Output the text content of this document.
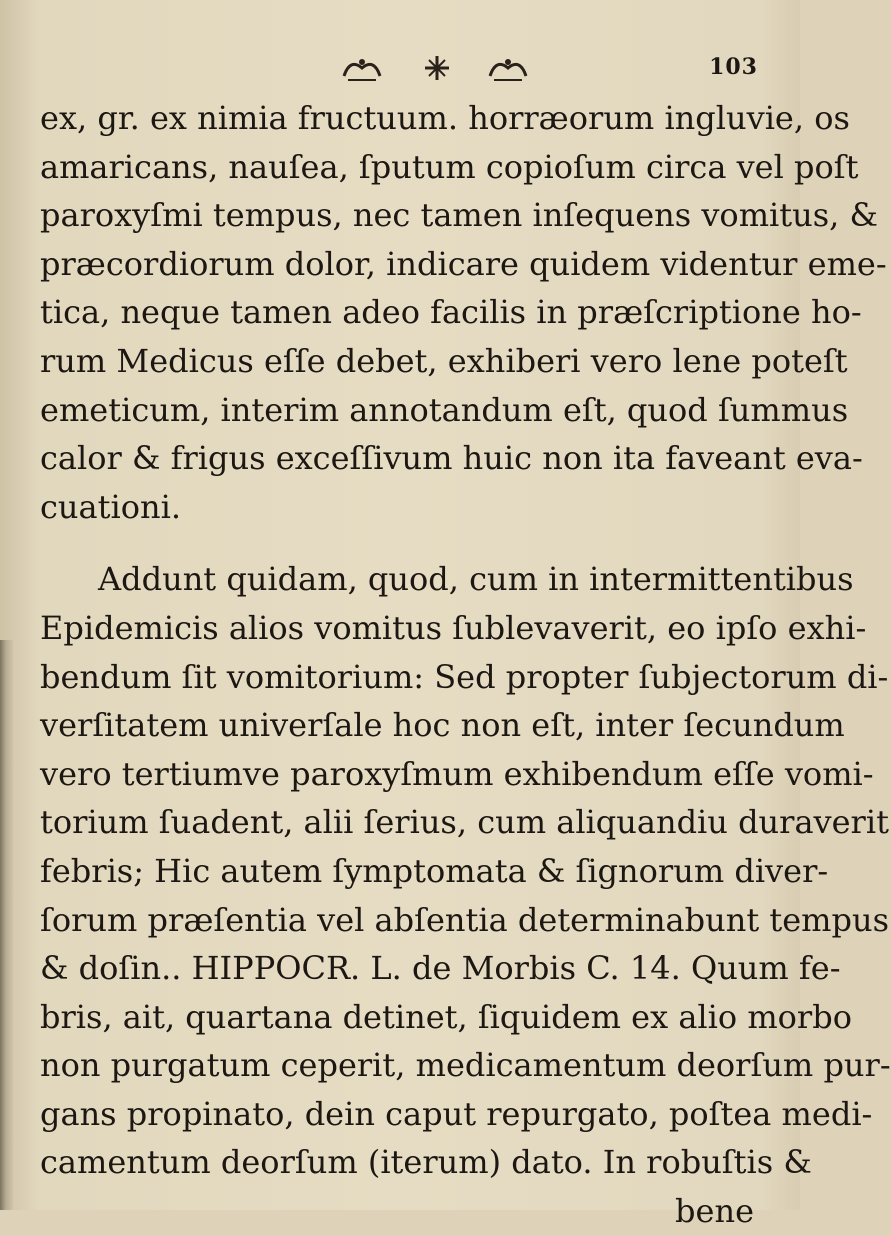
103
ex, gr. ex nimia fructuum. horræorum ingluvie, os
amaricans, nauſea, ſputum copioſum circa vel poſt
paroxyſmi tempus, nec tamen inſequens vomitus, &
præcordiorum dolor, indicare quidem videntur eme-
tica, neque tamen adeo facilis in præſcriptione ho-
rum Medicus eſſe debet, exhiberi vero lene poteſt
emeticum, interim annotandum eſt, quod ſummus
calor & frigus exceſſivum huic non ita faveant eva-
cuationi.
Addunt quidam, quod, cum in intermittentibus
Epidemicis alios vomitus ſublevaverit, eo ipſo exhi-
bendum ſit vomitorium: Sed propter ſubjectorum di-
verſitatem univerſale hoc non eſt, inter ſecundum
vero tertiumve paroxyſmum exhibendum eſſe vomi-
torium ſuadent, alii ſerius, cum aliquandiu duraverit
febris; Hic autem ſymptomata & ſignorum diver-
ſorum præſentia vel abſentia determinabunt tempus
& doſin.. HIPPOCR. L. de Morbis C. 14. Quum fe-
bris, ait, quartana detinet, ſiquidem ex alio morbo
non purgatum ceperit, medicamentum deorſum pur-
gans propinato, dein caput repurgato, poſtea medi-
camentum deorſum (iterum) dato. In robuſtis &
bene
